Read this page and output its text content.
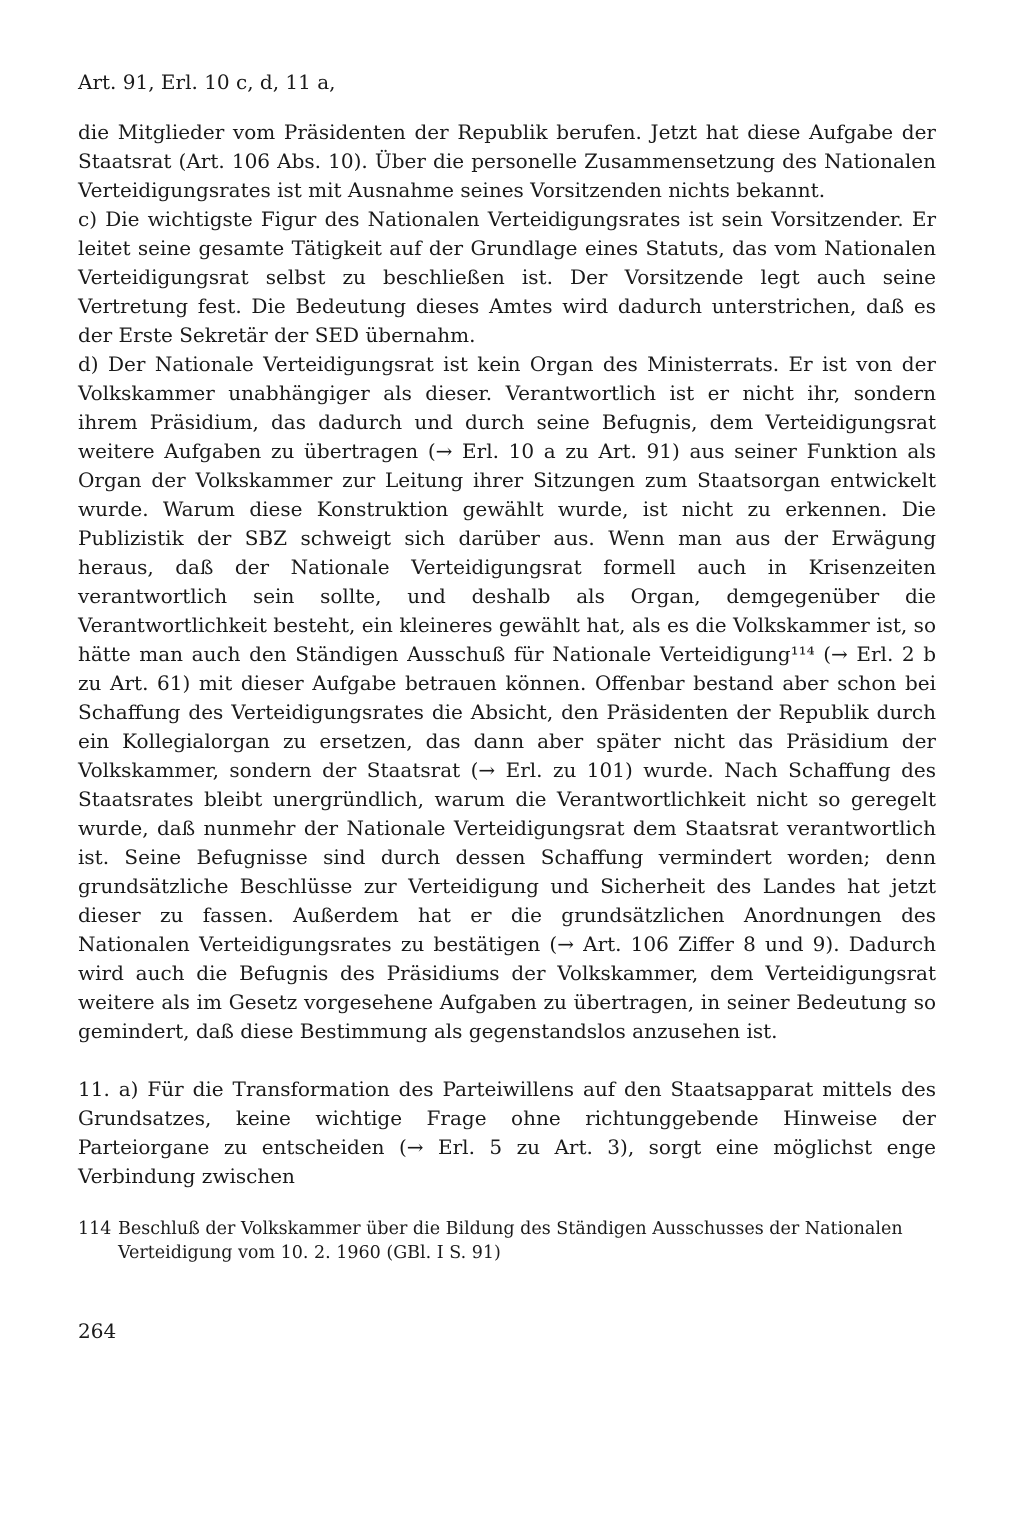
Art. 91, Erl. 10 c, d, 11 a,

die Mitglieder vom Präsidenten der Republik berufen. Jetzt hat diese Aufgabe der Staatsrat (Art. 106 Abs. 10). Über die personelle Zusammensetzung des Nationalen Verteidigungsrates ist mit Ausnahme seines Vorsitzenden nichts bekannt.

c) Die wichtigste Figur des Nationalen Verteidigungsrates ist sein Vorsitzender. Er leitet seine gesamte Tätigkeit auf der Grundlage eines Statuts, das vom Nationalen Verteidigungsrat selbst zu beschließen ist. Der Vorsitzende legt auch seine Vertretung fest. Die Bedeutung dieses Amtes wird dadurch unterstrichen, daß es der Erste Sekretär der SED übernahm.

d) Der Nationale Verteidigungsrat ist kein Organ des Ministerrats. Er ist von der Volkskammer unabhängiger als dieser. Verantwortlich ist er nicht ihr, sondern ihrem Präsidium, das dadurch und durch seine Befugnis, dem Verteidigungsrat weitere Aufgaben zu übertragen (→ Erl. 10 a zu Art. 91) aus seiner Funktion als Organ der Volkskammer zur Leitung ihrer Sitzungen zum Staatsorgan entwickelt wurde. Warum diese Konstruktion gewählt wurde, ist nicht zu erkennen. Die Publizistik der SBZ schweigt sich darüber aus. Wenn man aus der Erwägung heraus, daß der Nationale Verteidigungsrat formell auch in Krisenzeiten verantwortlich sein sollte, und deshalb als Organ, demgegenüber die Verantwortlichkeit besteht, ein kleineres gewählt hat, als es die Volkskammer ist, so hätte man auch den Ständigen Ausschuß für Nationale Verteidigung¹¹⁴ (→ Erl. 2 b zu Art. 61) mit dieser Aufgabe betrauen können. Offenbar bestand aber schon bei Schaffung des Verteidigungsrates die Absicht, den Präsidenten der Republik durch ein Kollegialorgan zu ersetzen, das dann aber später nicht das Präsidium der Volkskammer, sondern der Staatsrat (→ Erl. zu 101) wurde. Nach Schaffung des Staatsrates bleibt unergründlich, warum die Verantwortlichkeit nicht so geregelt wurde, daß nunmehr der Nationale Verteidigungsrat dem Staatsrat verantwortlich ist. Seine Befugnisse sind durch dessen Schaffung vermindert worden; denn grundsätzliche Beschlüsse zur Verteidigung und Sicherheit des Landes hat jetzt dieser zu fassen. Außerdem hat er die grundsätzlichen Anordnungen des Nationalen Verteidigungsrates zu bestätigen (→ Art. 106 Ziffer 8 und 9). Dadurch wird auch die Befugnis des Präsidiums der Volkskammer, dem Verteidigungsrat weitere als im Gesetz vorgesehene Aufgaben zu übertragen, in seiner Bedeutung so gemindert, daß diese Bestimmung als gegenstandslos anzusehen ist.

11. a) Für die Transformation des Parteiwillens auf den Staatsapparat mittels des Grundsatzes, keine wichtige Frage ohne richtunggebende Hinweise der Parteiorgane zu entscheiden (→ Erl. 5 zu Art. 3), sorgt eine möglichst enge Verbindung zwischen

114 Beschluß der Volkskammer über die Bildung des Ständigen Ausschusses der Nationalen Verteidigung vom 10. 2. 1960 (GBl. I S. 91)
264
